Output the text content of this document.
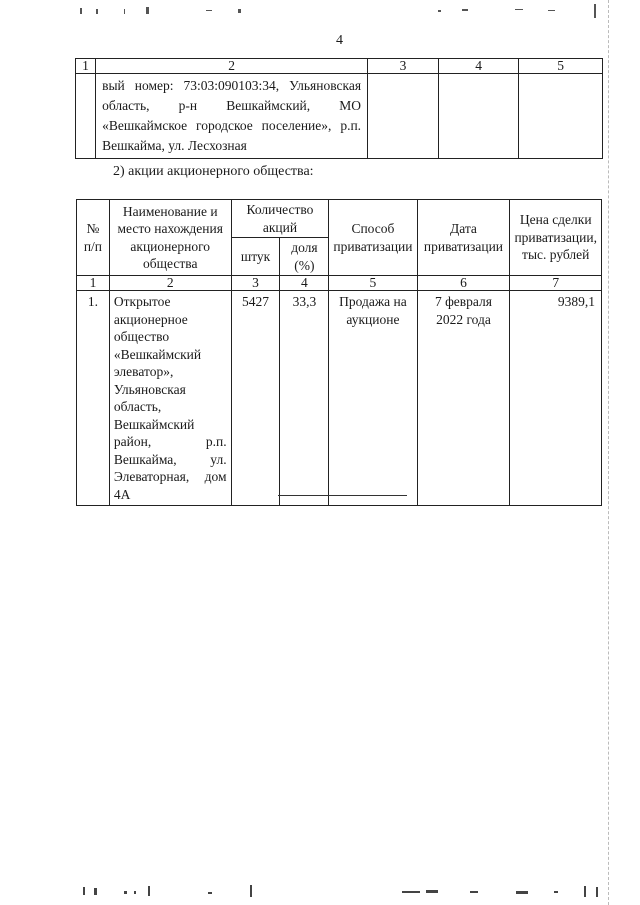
4
1	2	3	4	5
	вый номер: 73:03:090103:34, Ульяновская область, р-н Вешкаймский, МО «Вешкаймское городское поселение», р.п. Вешкайма, ул. Лесхозная			
2) акции акционерного общества:
№ п/п	Наименование и место нахождения акционерного общества	Количество акций		Способ приватизации	Дата приватизации	Цена сделки приватизации, тыс. рублей
		штук	доля (%)			
1	2	3	4	5	6	7
1.	Открытое акционерное общество «Вешкаймский элеватор», Ульяновская область, Вешкаймский район, р.п. Вешкайма, ул. Элеваторная, дом 4А	5427	33,3	Продажа на аукционе	7 февраля 2022 года	9389,1
